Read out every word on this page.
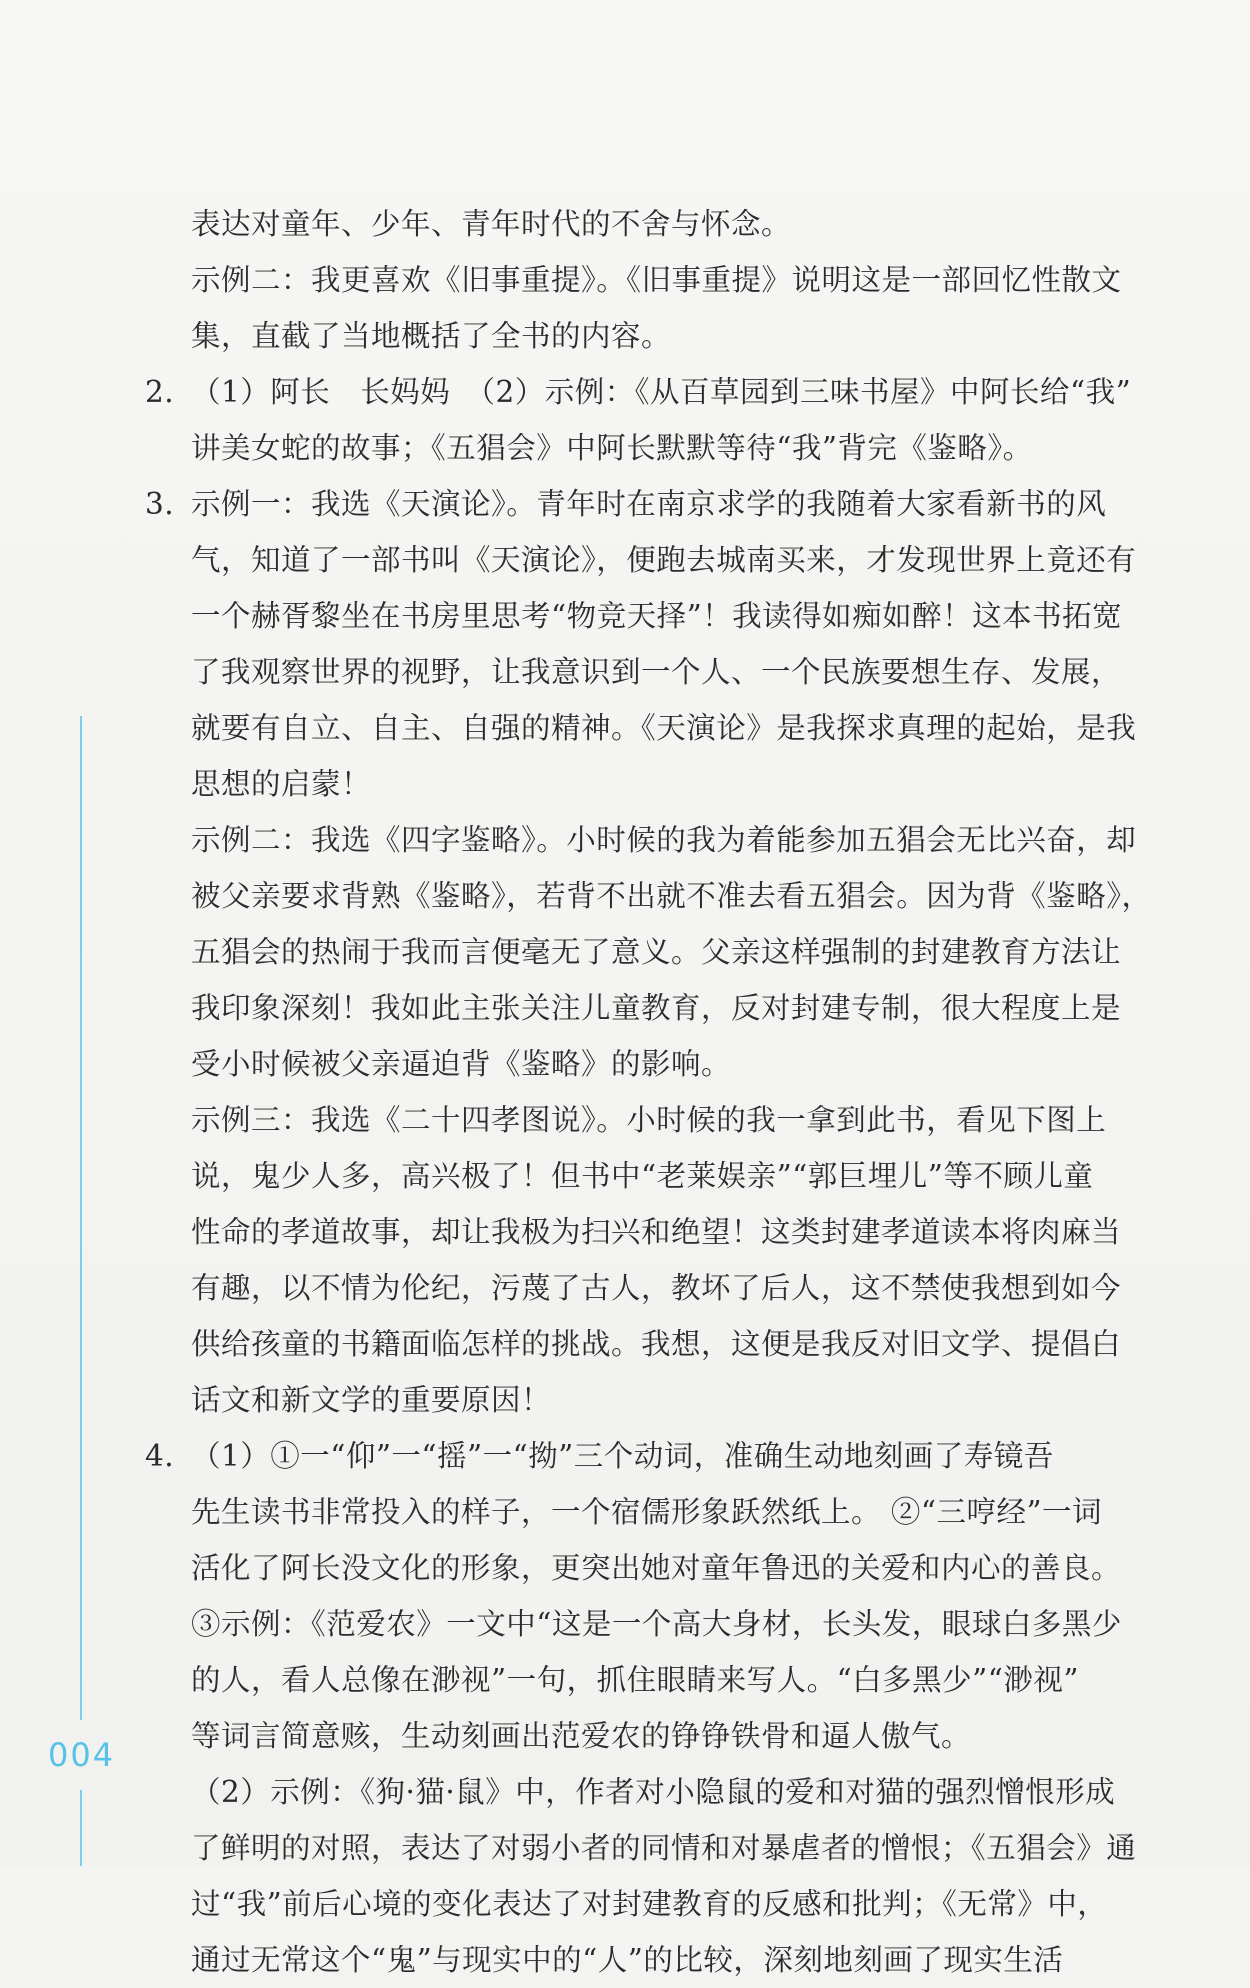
表达对童年、少年、青年时代的不舍与怀念。
示例二：我更喜欢《旧事重提》。《旧事重提》说明这是一部回忆性散文
集，直截了当地概括了全书的内容。
2. （1）阿长　长妈妈　（2）示例：《从百草园到三味书屋》中阿长给“我”
讲美女蛇的故事；《五猖会》中阿长默默等待“我”背完《鉴略》。
3. 示例一：我选《天演论》。青年时在南京求学的我随着大家看新书的风
气，知道了一部书叫《天演论》，便跑去城南买来，才发现世界上竟还有
一个赫胥黎坐在书房里思考“物竞天择”！我读得如痴如醉！这本书拓宽
了我观察世界的视野，让我意识到一个人、一个民族要想生存、发展，
就要有自立、自主、自强的精神。《天演论》是我探求真理的起始，是我
思想的启蒙！
示例二：我选《四字鉴略》。小时候的我为着能参加五猖会无比兴奋，却
被父亲要求背熟《鉴略》，若背不出就不准去看五猖会。因为背《鉴略》，
五猖会的热闹于我而言便毫无了意义。父亲这样强制的封建教育方法让
我印象深刻！我如此主张关注儿童教育，反对封建专制，很大程度上是
受小时候被父亲逼迫背《鉴略》的影响。
示例三：我选《二十四孝图说》。小时候的我一拿到此书，看见下图上
说，鬼少人多，高兴极了！但书中“老莱娱亲”“郭巨埋儿”等不顾儿童
性命的孝道故事，却让我极为扫兴和绝望！这类封建孝道读本将肉麻当
有趣，以不情为伦纪，污蔑了古人，教坏了后人，这不禁使我想到如今
供给孩童的书籍面临怎样的挑战。我想，这便是我反对旧文学、提倡白
话文和新文学的重要原因！
4. （1）①一“仰”一“摇”一“拗”三个动词，准确生动地刻画了寿镜吾
先生读书非常投入的样子，一个宿儒形象跃然纸上。 ②“三哼经”一词
活化了阿长没文化的形象，更突出她对童年鲁迅的关爱和内心的善良。
③示例：《范爱农》一文中“这是一个高大身材，长头发，眼球白多黑少
的人，看人总像在渺视”一句，抓住眼睛来写人。“白多黑少”“渺视”
等词言简意赅，生动刻画出范爱农的铮铮铁骨和逼人傲气。
（2）示例：《狗·猫·鼠》中，作者对小隐鼠的爱和对猫的强烈憎恨形成
了鲜明的对照，表达了对弱小者的同情和对暴虐者的憎恨；《五猖会》通
过“我”前后心境的变化表达了对封建教育的反感和批判；《无常》中，
通过无常这个“鬼”与现实中的“人”的比较，深刻地刻画了现实生活
004
